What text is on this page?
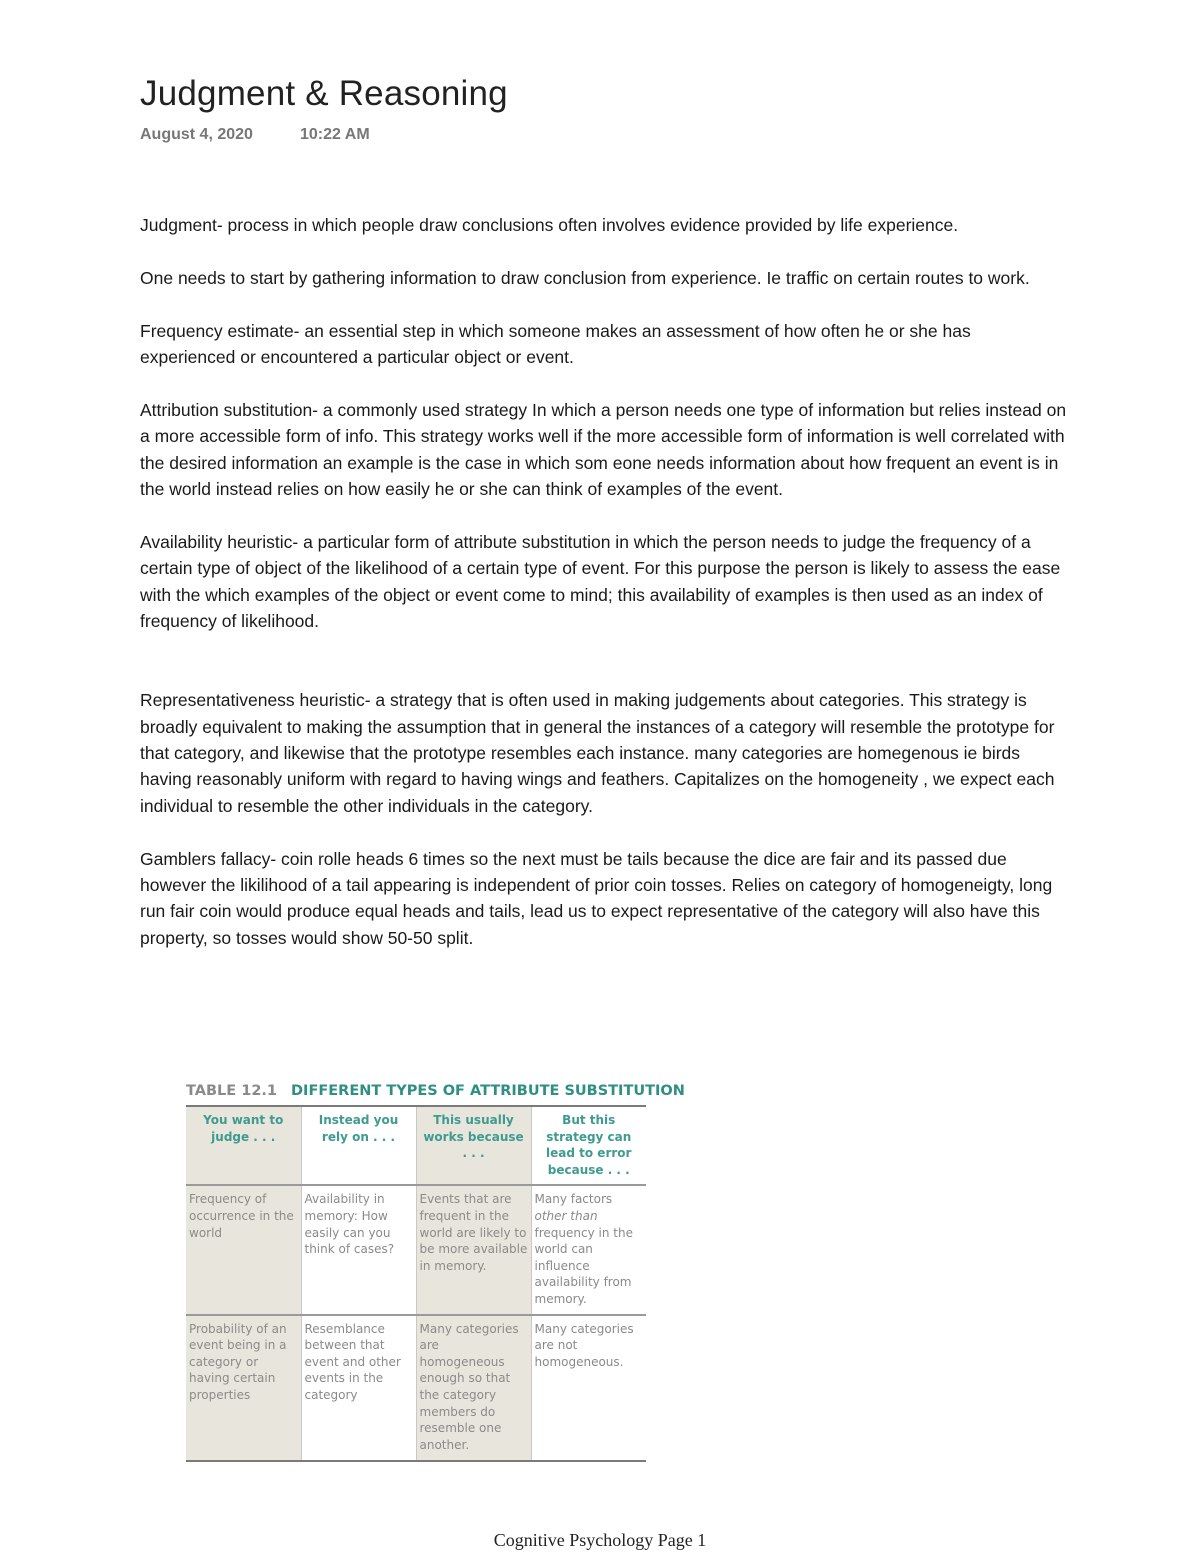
Judgment & Reasoning
August 4, 2020	10:22 AM

Judgment- process in which people draw conclusions often involves evidence provided by life experience.

One needs to start by gathering information to draw conclusion from experience. Ie traffic on certain routes to work.

Frequency estimate- an essential step in which someone makes an assessment of how often he or she has experienced or encountered a particular object or event.

Attribution substitution- a commonly used strategy In which a person needs one type of information but relies instead on a more accessible form of info. This strategy works well if the more accessible form of information is well correlated with the desired information an example is the case in which som eone needs information about how frequent an event is in the world instead relies on how easily he or she can think of examples of the event.

Availability heuristic- a particular form of attribute substitution in which the person needs to judge the frequency of a certain type of object of the likelihood of a certain type of event. For this purpose the person is likely to assess the ease with the which examples of the object or event come to mind; this availability of examples is then used as an index of frequency of likelihood.

Representativeness heuristic- a strategy that is often used in making judgements about categories. This strategy is broadly equivalent to making the assumption that in general the instances of a category will resemble the prototype for that category, and likewise that the prototype resembles each instance. many categories are homegenous ie birds having reasonably uniform with regard to having wings and feathers. Capitalizes on the homogeneity , we expect each individual to resemble the other individuals in the category.

Gamblers fallacy- coin rolle heads 6 times so the next must be tails because the dice are fair and its passed due however the likilihood of a tail appearing is independent of prior coin tosses. Relies on category of homogeneigty, long run fair coin would produce equal heads and tails, lead us to expect representative of the category will also have this property, so tosses would show 50-50 split.

TABLE 12.1 DIFFERENT TYPES OF ATTRIBUTE SUBSTITUTION
You want to judge . . .	Instead you rely on . . .	This usually works because . . .	But this strategy can lead to error because . . .
Frequency of occurrence in the world	Availability in memory: How easily can you think of cases?	Events that are frequent in the world are likely to be more available in memory.	Many factors other than frequency in the world can influence availability from memory.
Probability of an event being in a category or having certain properties	Resemblance between that event and other events in the category	Many categories are homogeneous enough so that the category members do resemble one another.	Many categories are not homogeneous.
Cognitive Psychology Page 1
